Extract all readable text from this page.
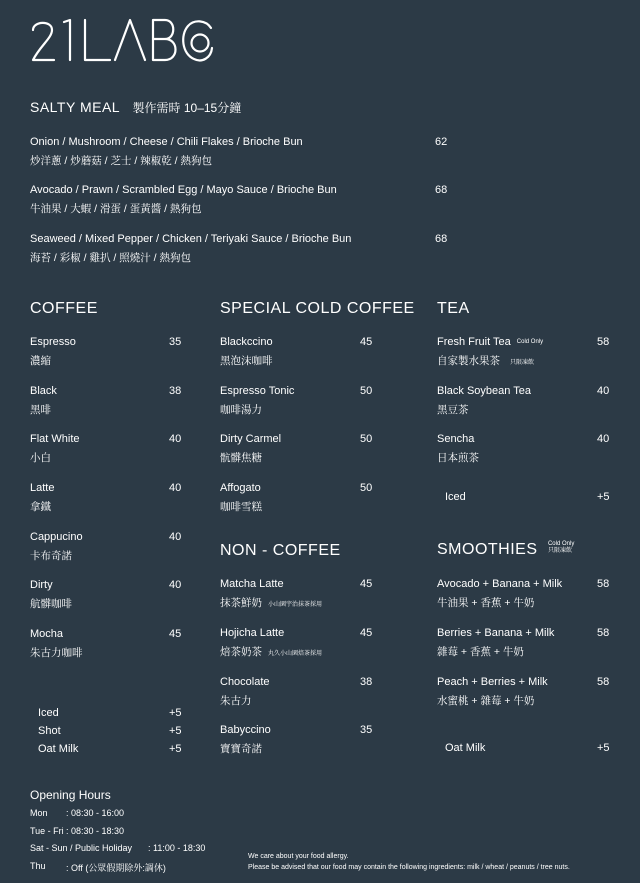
SALTY MEAL 製作需時 10–15分鐘
Onion / Mushroom / Cheese / Chili Flakes / Brioche Bun
炒洋蔥 / 炒蘑菇 / 芝士 / 辣椒乾 / 熱狗包
62
Avocado / Prawn / Scrambled Egg / Mayo Sauce / Brioche Bun
牛油果 / 大蝦 / 滑蛋 / 蛋黃醬 / 熱狗包
68
Seaweed / Mixed Pepper / Chicken / Teriyaki Sauce / Brioche Bun
海苔 / 彩椒 / 雞扒 / 照燒汁 / 熱狗包
68
COFFEE
Espresso
濃縮
35
Black
黑啡
38
Flat White
小白
40
Latte
拿鐵
40
Cappucino
卡布奇諾
40
Dirty
航髒咖啡
40
Mocha
朱古力咖啡
45
Iced	+5
Shot	+5
Oat Milk	+5
SPECIAL COLD COFFEE
Blackccino
黑泡沫咖啡
45
Espresso Tonic
咖啡湯力
50
Dirty Carmel
骯髒焦糖
50
Affogato
咖啡雪糕
50
NON - COFFEE
Matcha Latte
抹茶鮮奶 小山園宇治抹茶採用
45
Hojicha Latte
焙茶奶茶 丸久小山園焙茶採用
45
Chocolate
朱古力
38
Babyccino
寶寶奇諾
35
TEA
Fresh Fruit Tea Cold Only
自家製水果茶 只限凍飲
58
Black Soybean Tea
黑豆茶
40
Sencha
日本煎茶
40
Iced	+5
SMOOTHIES Cold Only
只限凍飲
Avocado + Banana + Milk
牛油果 + 香蕉 + 牛奶
58
Berries + Banana + Milk
雜莓 + 香蕉 + 牛奶
58
Peach + Berries + Milk
水蜜桃 + 雜莓 + 牛奶
58
Oat Milk	+5
Opening Hours
Mon : 08:30 - 16:00
Tue - Fri : 08:30 - 18:30
Sat - Sun / Public Holiday : 11:00 - 18:30
Thu : Off (公眾假期除外:調休)
We care about your food allergy.
Please be advised that our food may contain the following ingredients: milk / wheat / peanuts / tree nuts.
